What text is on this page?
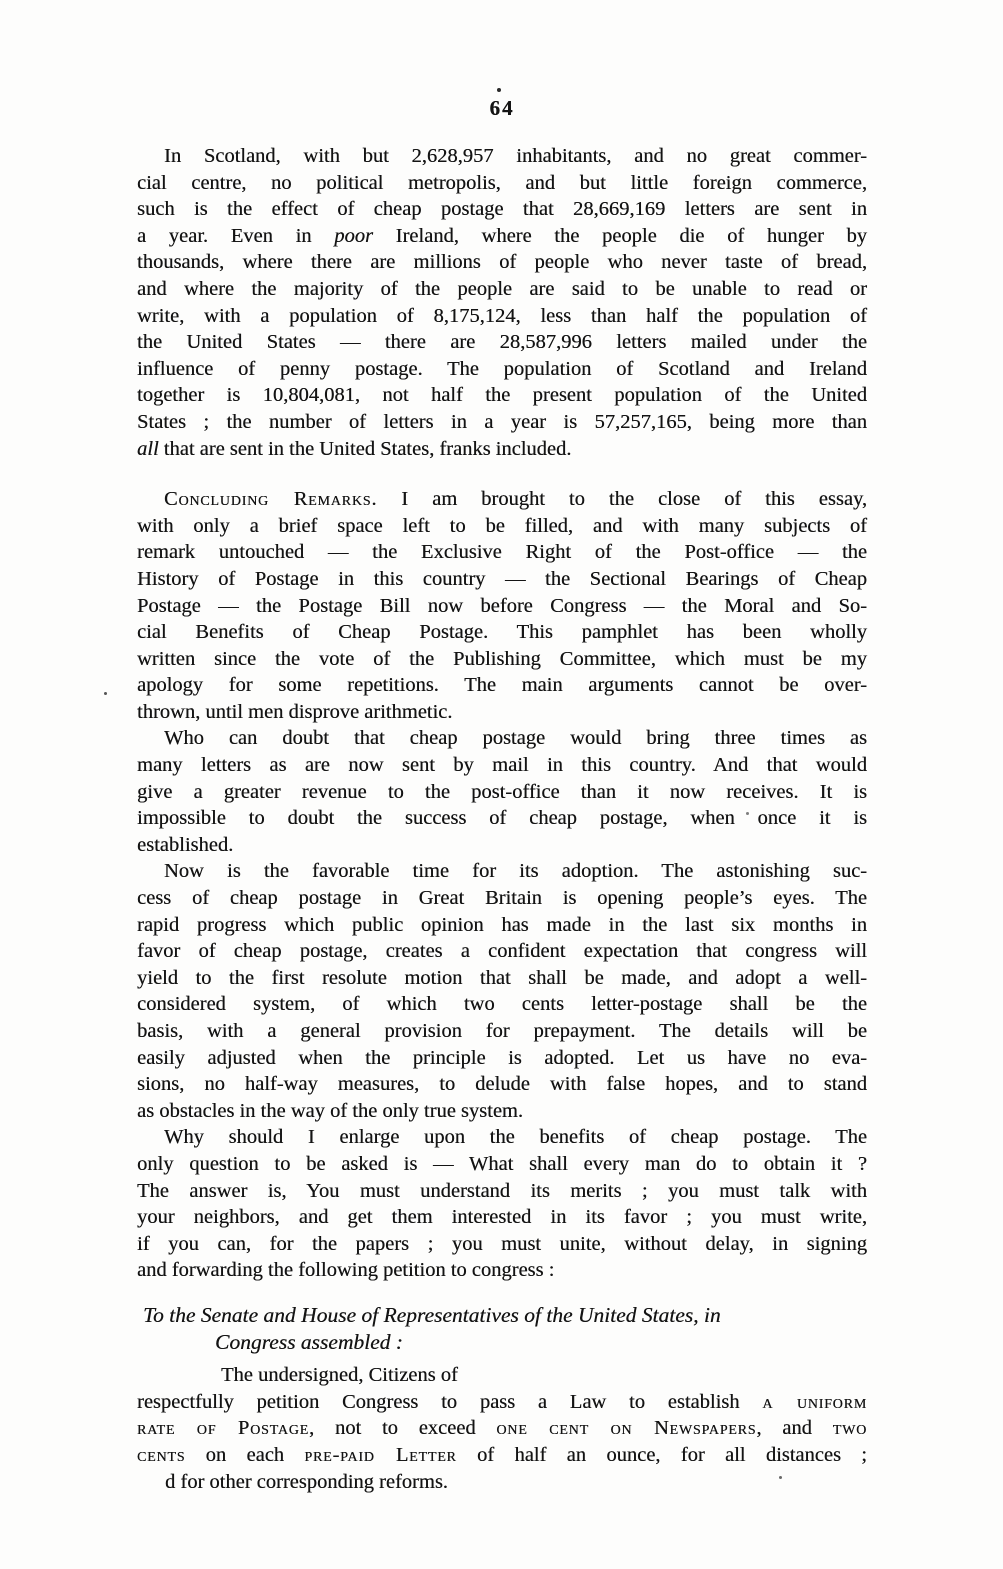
64
In Scotland, with but 2,628,957 inhabitants, and no great commer-
cial centre, no political metropolis, and but little foreign commerce,
such is the effect of cheap postage that 28,669,169 letters are sent in
a year. Even in poor Ireland, where the people die of hunger by
thousands, where there are millions of people who never taste of bread,
and where the majority of the people are said to be unable to read or
write, with a population of 8,175,124, less than half the population of
the United States — there are 28,587,996 letters mailed under the
influence of penny postage. The population of Scotland and Ireland
together is 10,804,081, not half the present population of the United
States ; the number of letters in a year is 57,257,165, being more than
all that are sent in the United States, franks included.
Concluding Remarks. I am brought to the close of this essay,
with only a brief space left to be filled, and with many subjects of
remark untouched — the Exclusive Right of the Post-office — the
History of Postage in this country — the Sectional Bearings of Cheap
Postage — the Postage Bill now before Congress — the Moral and So-
cial Benefits of Cheap Postage. This pamphlet has been wholly
written since the vote of the Publishing Committee, which must be my
apology for some repetitions. The main arguments cannot be over-
thrown, until men disprove arithmetic.
Who can doubt that cheap postage would bring three times as
many letters as are now sent by mail in this country. And that would
give a greater revenue to the post-office than it now receives. It is
impossible to doubt the success of cheap postage, when once it is
established.
Now is the favorable time for its adoption. The astonishing suc-
cess of cheap postage in Great Britain is opening people’s eyes. The
rapid progress which public opinion has made in the last six months in
favor of cheap postage, creates a confident expectation that congress will
yield to the first resolute motion that shall be made, and adopt a well-
considered system, of which two cents letter-postage shall be the
basis, with a general provision for prepayment. The details will be
easily adjusted when the principle is adopted. Let us have no eva-
sions, no half-way measures, to delude with false hopes, and to stand
as obstacles in the way of the only true system.
Why should I enlarge upon the benefits of cheap postage. The
only question to be asked is — What shall every man do to obtain it ?
The answer is, You must understand its merits ; you must talk with
your neighbors, and get them interested in its favor ; you must write,
if you can, for the papers ; you must unite, without delay, in signing
and forwarding the following petition to congress :
To the Senate and House of Representatives of the United States, in
Congress assembled :
The undersigned, Citizens of
respectfully petition Congress to pass a Law to establish a uniform
rate of Postage, not to exceed one cent on Newspapers, and two
cents on each pre-paid Letter of half an ounce, for all distances ;
d for other corresponding reforms.
